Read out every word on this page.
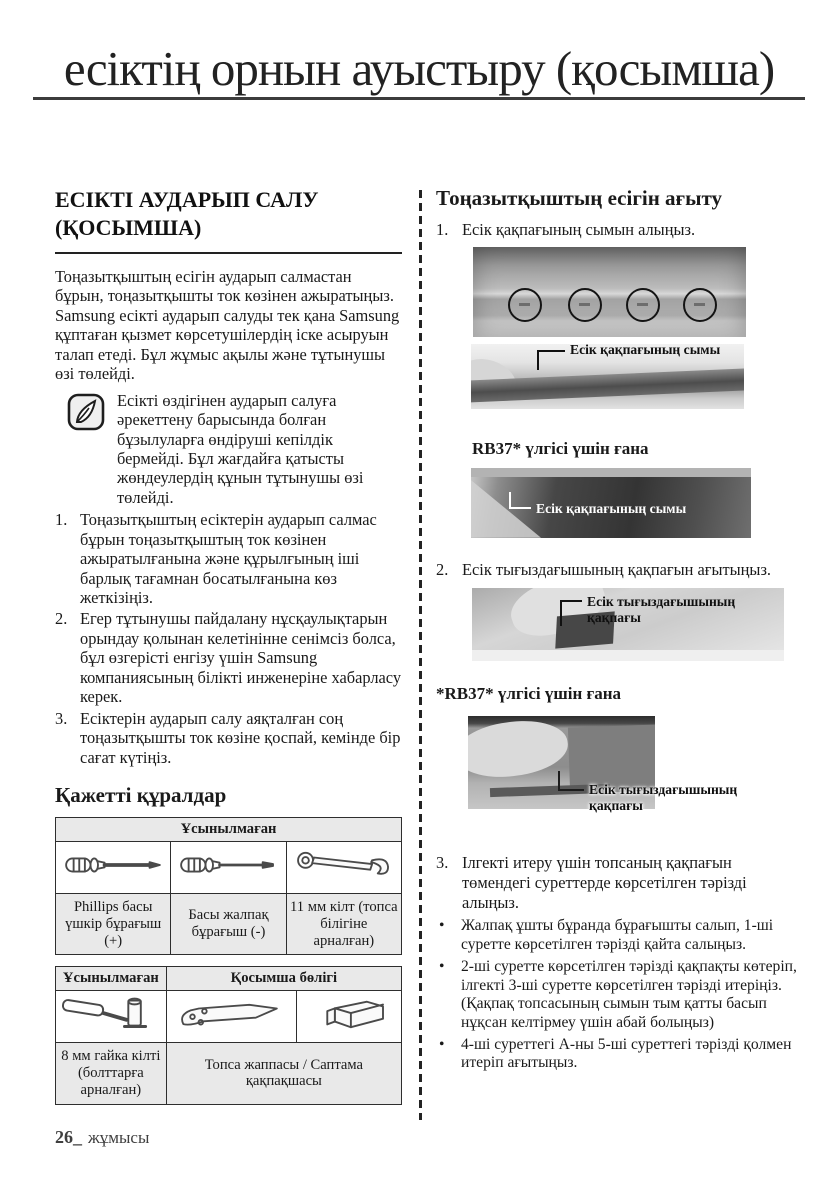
есіктің орнын ауыстыру (қосымша)
ЕСІКТІ АУДАРЫП САЛУ (ҚОСЫМША)

Тоңазытқыштың есігін аударып салмастан бұрын, тоңазытқышты ток көзінен ажыратыңыз. Samsung есікті аударып салуды тек қана Samsung құптаған қызмет көрсетушілердің іске асыруын талап етеді. Бұл жұмыс ақылы және тұтынушы өзі төлейді.

Есікті өздігінен аударып салуға әрекеттену барысында болған бұзылуларға өндіруші кепілдік бермейді. Бұл жағдайға қатысты жөндеулердің құнын тұтынушы өзі төлейді.

1. Тоңазытқыштың есіктерін аударып салмас бұрын тоңазытқыштың ток көзінен ажыратылғанына және құрылғының іші барлық тағамнан босатылғанына көз жеткізіңіз.
2. Егер тұтынушы пайдалану нұсқаулықтарын орындау қолынан келетінінне сенімсіз болса, бұл өзгерісті енгізу үшін Samsung компаниясының білікті инженеріне хабарласу керек.
3. Есіктерін аударып салу аяқталған соң тоңазытқышты ток көзіне қоспай, кемінде бір сағат күтіңіз.
Қажетті құралдар
Ұсынылмаған		

Phillips басы үшкір бұрағыш (+)	Басы жалпақ бұрағыш (-)	11 мм кілт (топса білігіне арналған)
Ұсынылмаған	Қосымша бөлігі	

8 мм гайка кілті (болттарға арналған)	Топса жаппасы / Саптама қақпақшасы	
Тоңазытқыштың есігін ағыту
1. Есік қақпағының сымын алыңыз.
Есік қақпағының сымы
RB37* үлгісі үшін ғана
Есік қақпағының сымы
2. Есік тығыздағышының қақпағын ағытыңыз.
Есік тығыздағышының қақпағы
*RB37* үлгісі үшін ғана
Есік тығыздағышының қақпағы
3. Ілгекті итеру үшін топсаның қақпағын төмендегі суреттерде көрсетілген тәрізді алыңыз.
• Жалпақ ұшты бұранда бұрағышты салып, 1-ші суретте көрсетілген тәрізді қайта салыңыз.
• 2-ші суретте көрсетілген тәрізді қақпақты көтеріп, ілгекті 3-ші суретте көрсетілген тәрізді итеріңіз. (Қақпақ топсасының сымын тым қатты басып нұқсан келтірмеу үшін абай болыңыз)
• 4-ші суреттегі А-ны 5-ші суреттегі тәрізді қолмен итеріп ағытыңыз.
26_ жұмысы
